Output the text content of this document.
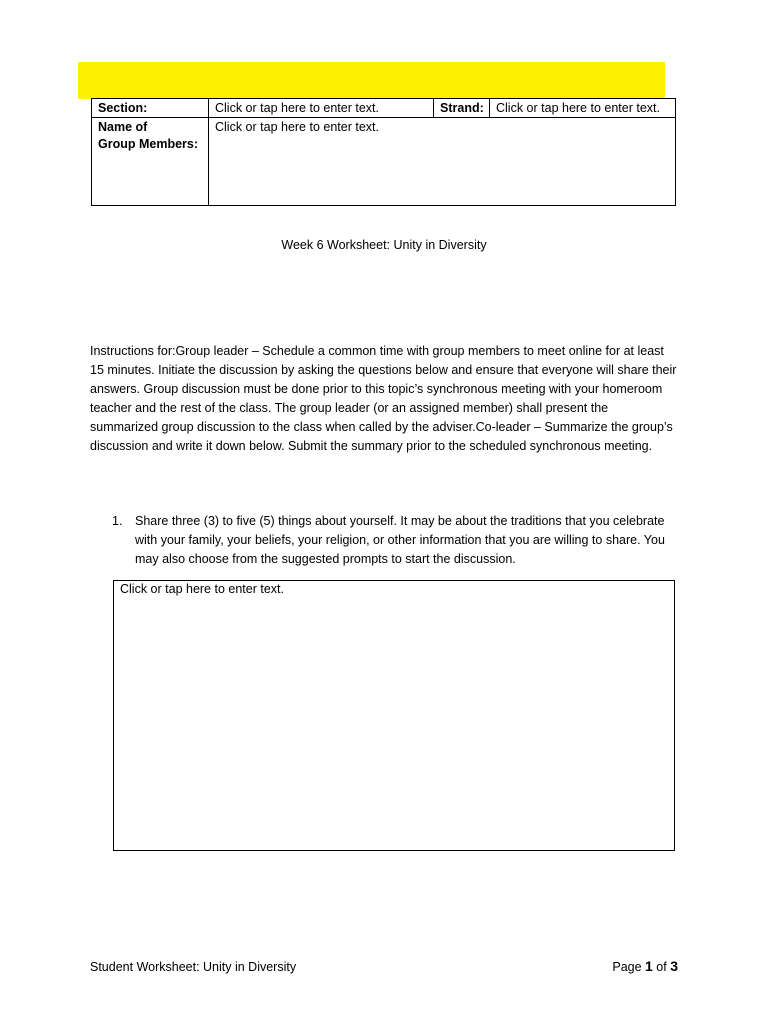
Section:	Click or tap here to enter text.	Strand:	Click or tap here to enter text.

Name of
Group Members:	Click or tap here to enter text.		
Week 6 Worksheet: Unity in Diversity
Instructions for:Group leader – Schedule a common time with group members to meet online for at least 15 minutes. Initiate the discussion by asking the questions below and ensure that everyone will share their answers. Group discussion must be done prior to this topic’s synchronous meeting with your homeroom teacher and the rest of the class. The group leader (or an assigned member) shall present the summarized group discussion to the class when called by the adviser.Co-leader – Summarize the group’s discussion and write it down below. Submit the summary prior to the scheduled synchronous meeting.
1.	Share three (3) to five (5) things about yourself. It may be about the traditions that you celebrate with your family, your beliefs, your religion, or other information that you are willing to share. You may also choose from the suggested prompts to start the discussion.
Click or tap here to enter text.
Student Worksheet: Unity in Diversity	Page 1 of 3
